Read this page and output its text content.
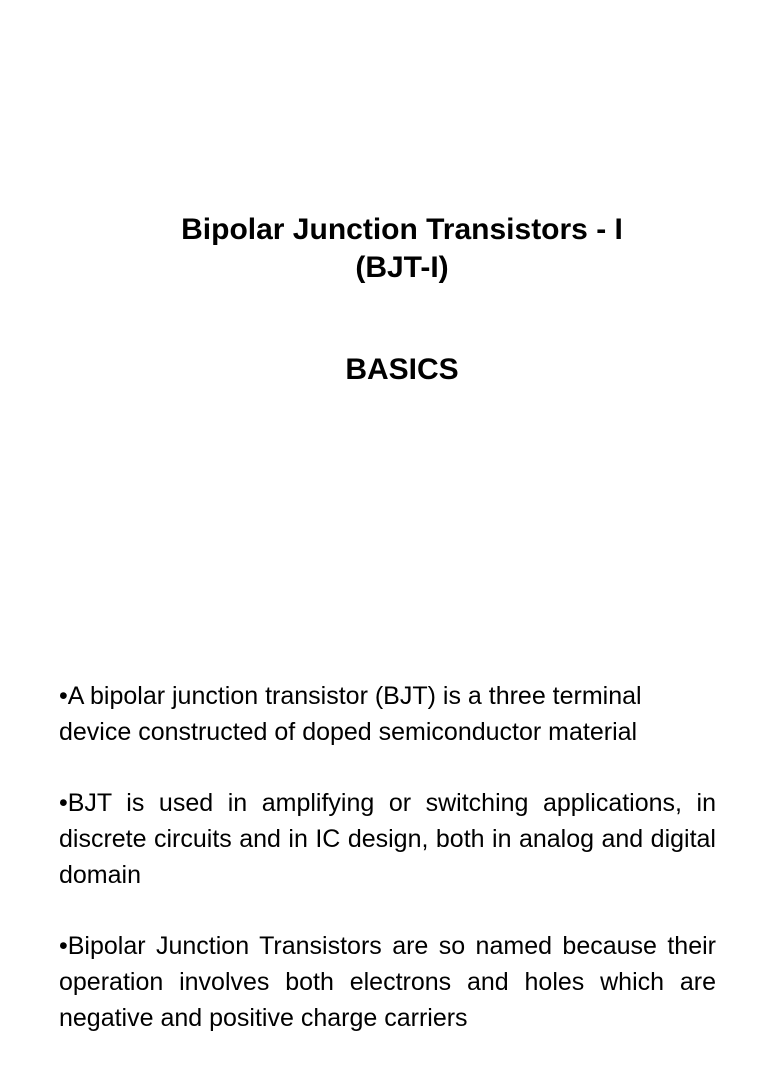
Bipolar Junction Transistors - I
(BJT-I)
BASICS

•A bipolar junction transistor (BJT) is a three terminal device constructed of doped semiconductor material

•BJT is used in amplifying or switching applications, in discrete circuits and in IC design, both in analog and digital domain

•Bipolar Junction Transistors are so named because their operation involves both electrons and holes which are negative and positive charge carriers
